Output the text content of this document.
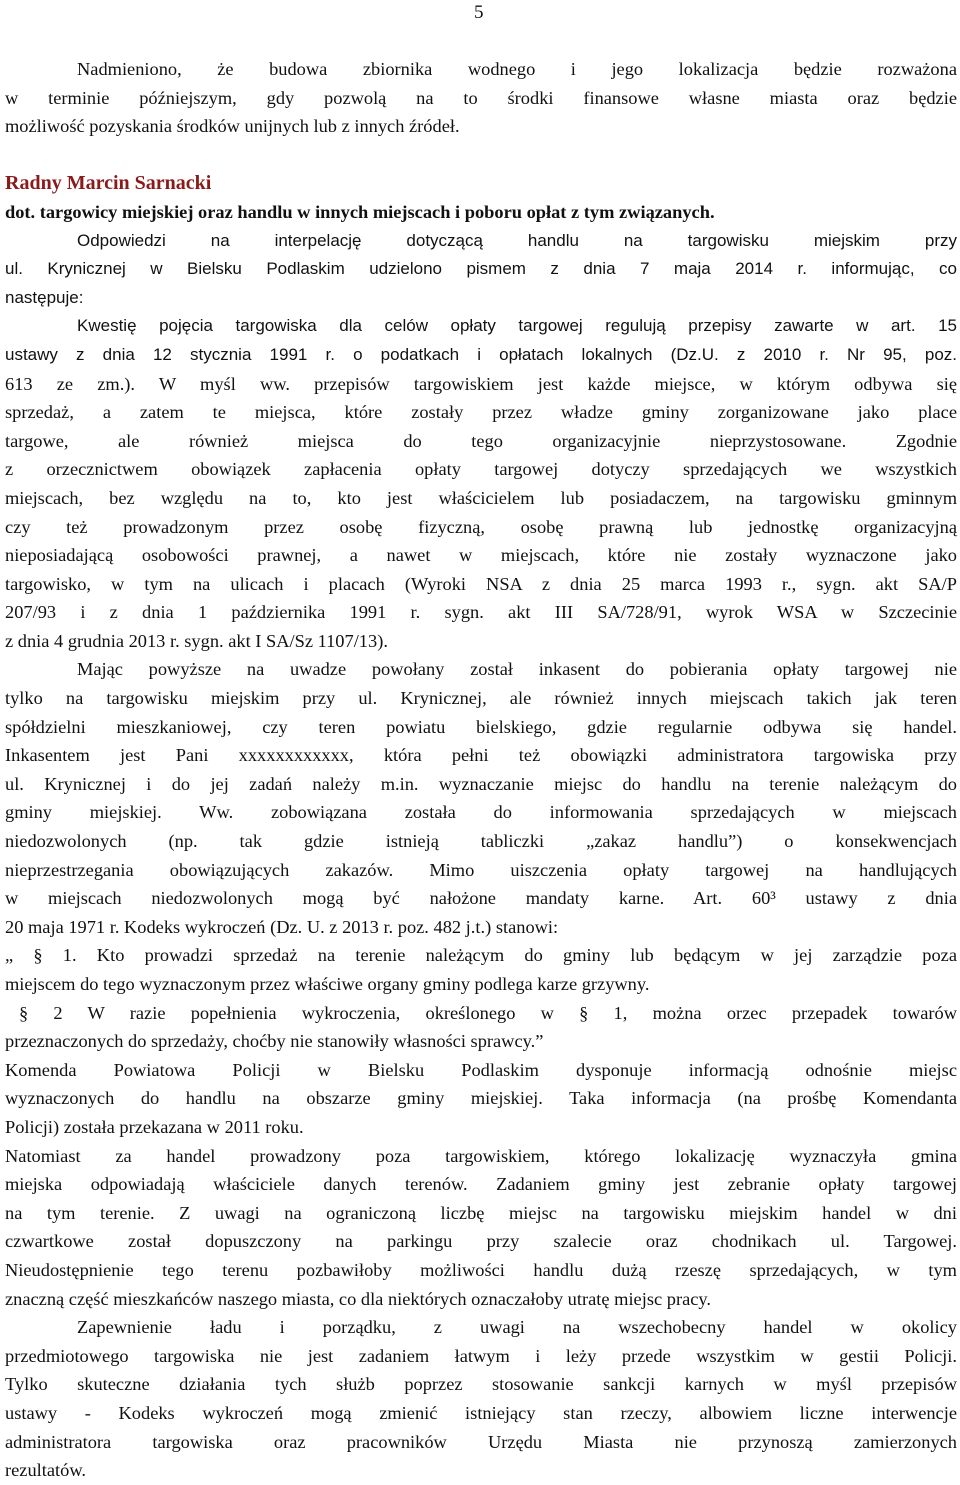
5
Nadmieniono, że budowa zbiornika wodnego i jego lokalizacja będzie rozważona
w terminie późniejszym, gdy pozwolą na to środki finansowe własne miasta oraz będzie
możliwość pozyskania środków unijnych lub z innych źródeł.
Radny Marcin Sarnacki
dot. targowicy miejskiej oraz handlu w innych miejscach i poboru opłat z tym związanych.
Odpowiedzi na interpelację dotyczącą handlu na targowisku miejskim przy
ul. Krynicznej w Bielsku Podlaskim udzielono pismem z dnia 7 maja 2014 r. informując, co
następuje:
Kwestię pojęcia targowiska dla celów opłaty targowej regulują przepisy zawarte w art. 15
ustawy z dnia 12 stycznia 1991 r. o podatkach i opłatach lokalnych (Dz.U. z 2010 r. Nr 95, poz.
613 ze zm.). W myśl ww. przepisów targowiskiem jest każde miejsce, w którym odbywa się
sprzedaż, a zatem te miejsca, które zostały przez władze gminy zorganizowane jako place
targowe, ale również miejsca do tego organizacyjnie nieprzystosowane. Zgodnie
z orzecznictwem obowiązek zapłacenia opłaty targowej dotyczy sprzedających we wszystkich
miejscach, bez względu na to, kto jest właścicielem lub posiadaczem, na targowisku gminnym
czy też prowadzonym przez osobę fizyczną, osobę prawną lub jednostkę organizacyjną
nieposiadającą osobowości prawnej, a nawet w miejscach, które nie zostały wyznaczone jako
targowisko, w tym na ulicach i placach (Wyroki NSA z dnia 25 marca 1993 r., sygn. akt SA/P
207/93 i z dnia 1 października 1991 r. sygn. akt III SA/728/91, wyrok WSA w Szczecinie
z dnia 4 grudnia 2013 r. sygn. akt I SA/Sz 1107/13).
Mając powyższe na uwadze powołany został inkasent do pobierania opłaty targowej nie
tylko na targowisku miejskim przy ul. Krynicznej, ale również innych miejscach takich jak teren
spółdzielni mieszkaniowej, czy teren powiatu bielskiego, gdzie regularnie odbywa się handel.
Inkasentem jest Pani xxxxxxxxxxxx, która pełni też obowiązki administratora targowiska przy
ul. Krynicznej i do jej zadań należy m.in. wyznaczanie miejsc do handlu na terenie należącym do
gminy miejskiej. Ww. zobowiązana została do informowania sprzedających w miejscach
niedozwolonych (np. tak gdzie istnieją tabliczki „zakaz handlu”) o konsekwencjach
nieprzestrzegania obowiązujących zakazów. Mimo uiszczenia opłaty targowej na handlujących
w miejscach niedozwolonych mogą być nałożone mandaty karne. Art. 60³ ustawy z dnia
20 maja 1971 r. Kodeks wykroczeń (Dz. U. z 2013 r. poz. 482 j.t.) stanowi:
„ § 1. Kto prowadzi sprzedaż na terenie należącym do gminy lub będącym w jej zarządzie poza
miejscem do tego wyznaczonym przez właściwe organy gminy podlega karze grzywny.
§ 2 W razie popełnienia wykroczenia, określonego w § 1, można orzec przepadek towarów
przeznaczonych do sprzedaży, choćby nie stanowiły własności sprawcy.”
Komenda Powiatowa Policji w Bielsku Podlaskim dysponuje informacją odnośnie miejsc
wyznaczonych do handlu na obszarze gminy miejskiej. Taka informacja (na prośbę Komendanta
Policji) została przekazana w 2011 roku.
Natomiast za handel prowadzony poza targowiskiem, którego lokalizację wyznaczyła gmina
miejska odpowiadają właściciele danych terenów. Zadaniem gminy jest zebranie opłaty targowej
na tym terenie. Z uwagi na ograniczoną liczbę miejsc na targowisku miejskim handel w dni
czwartkowe został dopuszczony na parkingu przy szalecie oraz chodnikach ul. Targowej.
Nieudostępnienie tego terenu pozbawiłoby możliwości handlu dużą rzeszę sprzedających, w tym
znaczną część mieszkańców naszego miasta, co dla niektórych oznaczałoby utratę miejsc pracy.
Zapewnienie ładu i porządku, z uwagi na wszechobecny handel w okolicy
przedmiotowego targowiska nie jest zadaniem łatwym i leży przede wszystkim w gestii Policji.
Tylko skuteczne działania tych służb poprzez stosowanie sankcji karnych w myśl przepisów
ustawy - Kodeks wykroczeń mogą zmienić istniejący stan rzeczy, albowiem liczne interwencje
administratora targowiska oraz pracowników Urzędu Miasta nie przynoszą zamierzonych
rezultatów.
